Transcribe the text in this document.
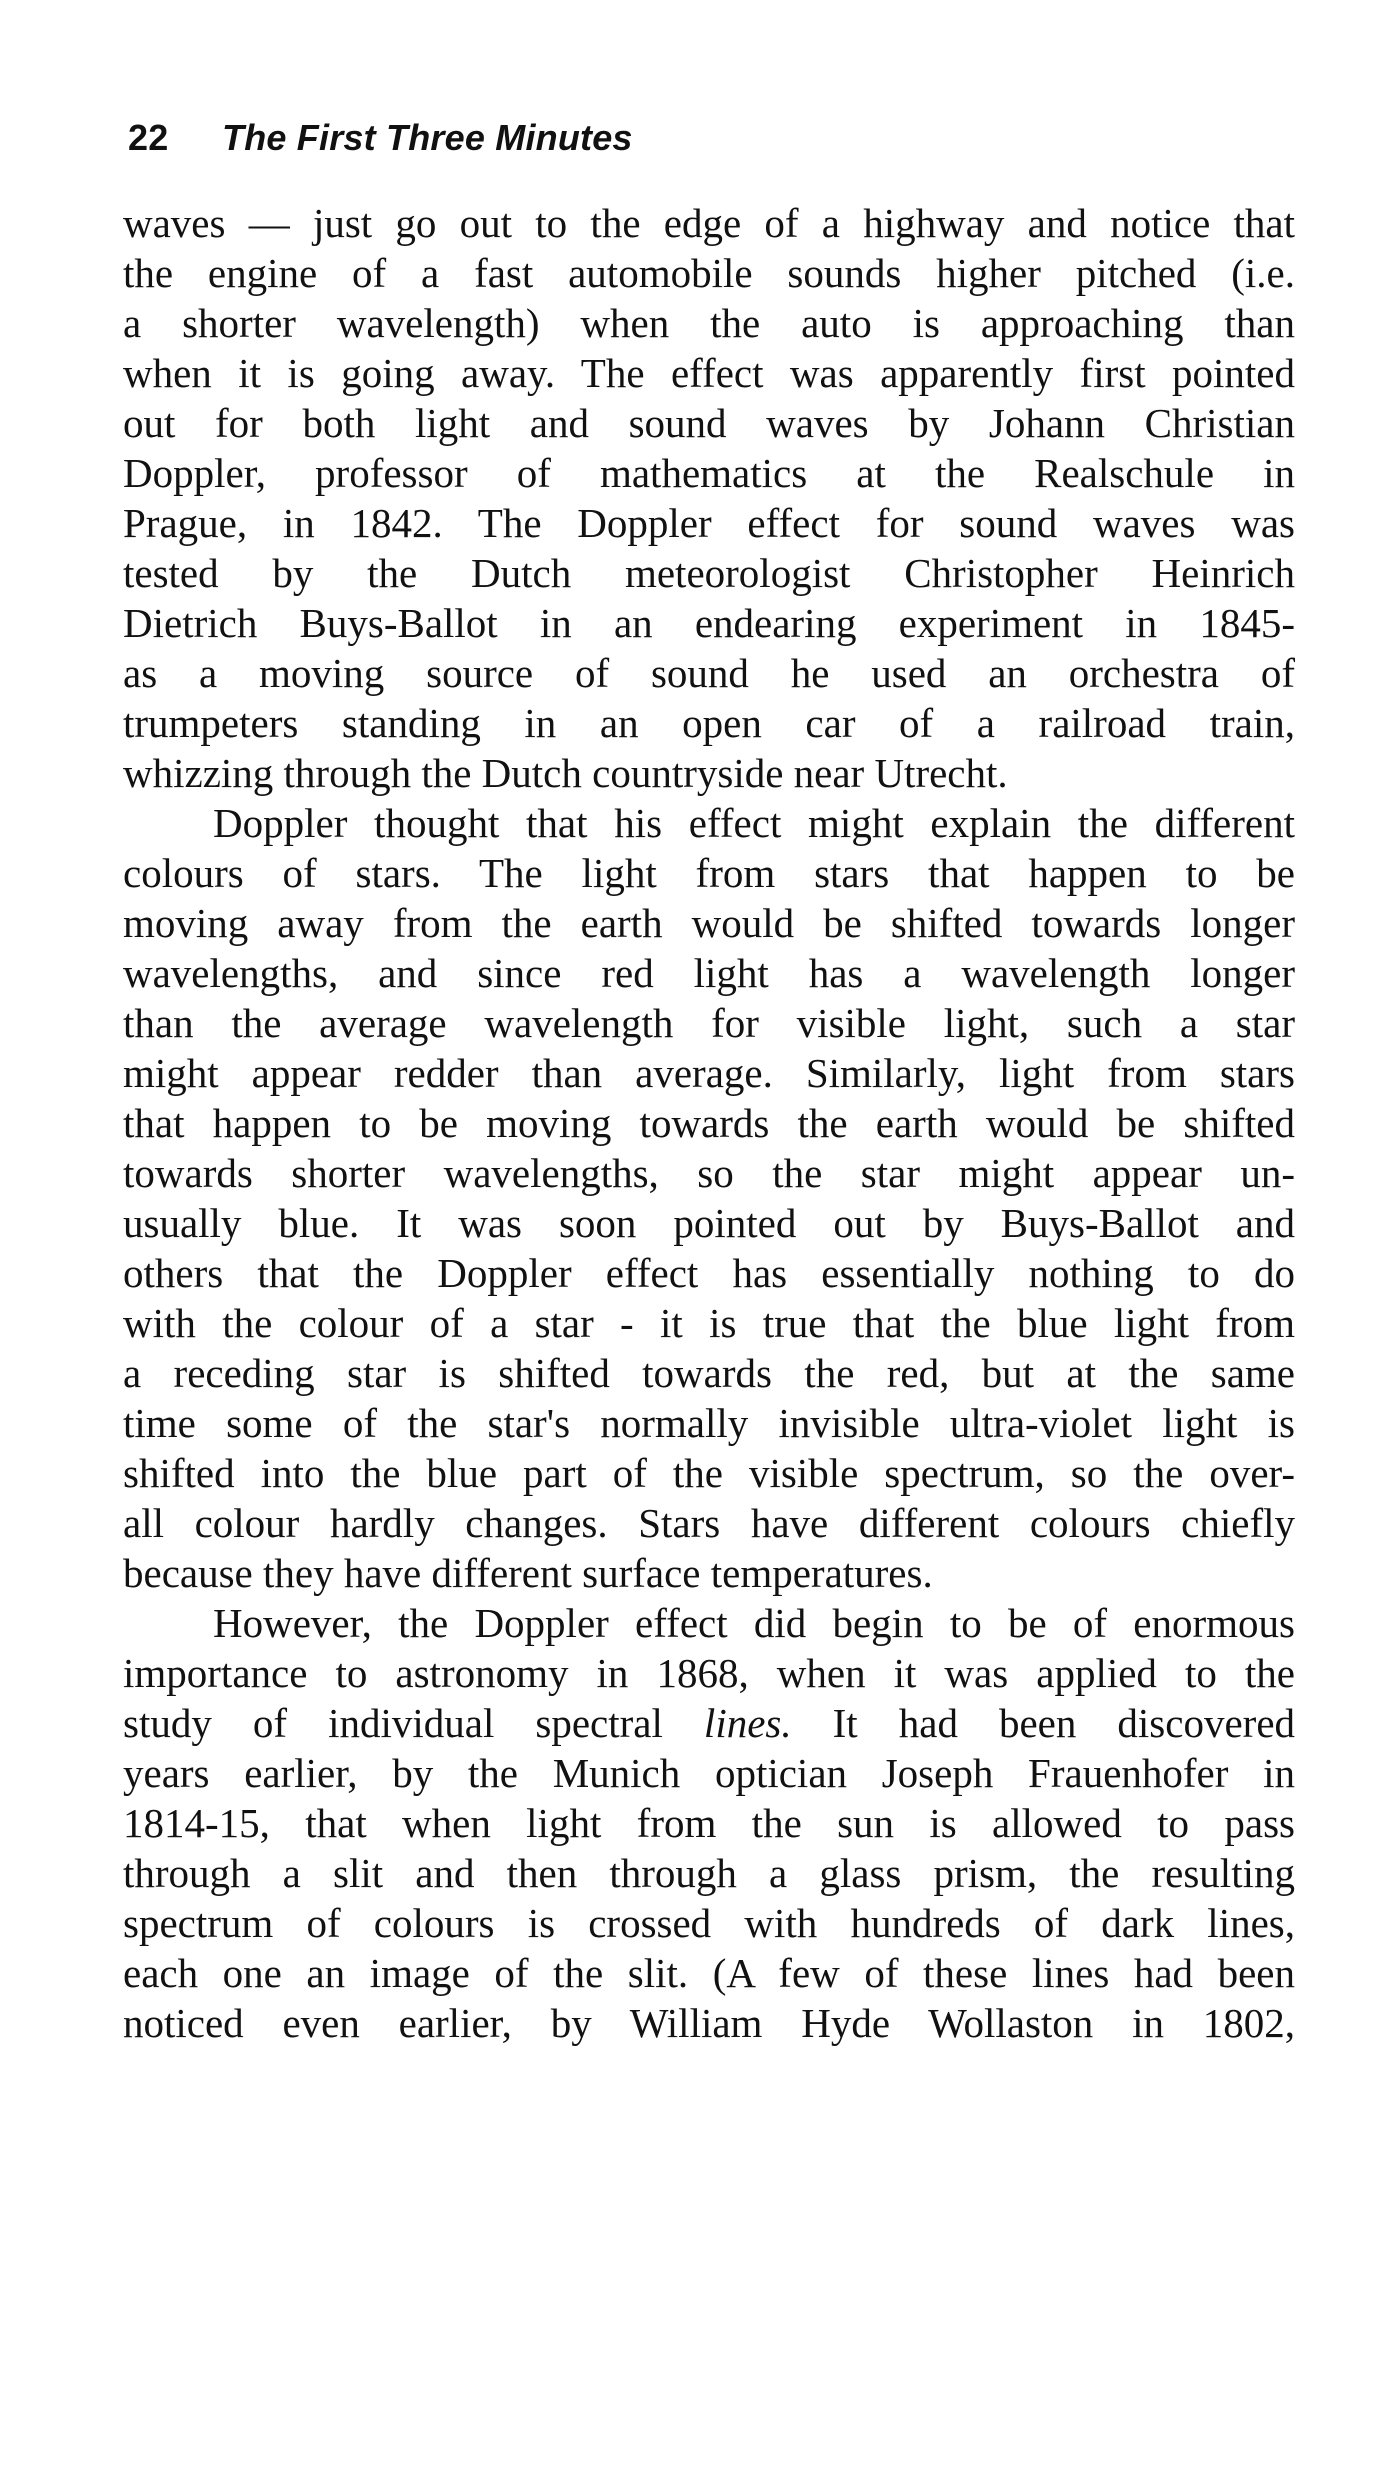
22 The First Three Minutes
waves — just go out to the edge of a highway and notice that
the engine of a fast automobile sounds higher pitched (i.e.
a shorter wavelength) when the auto is approaching than
when it is going away. The effect was apparently first pointed
out for both light and sound waves by Johann Christian
Doppler, professor of mathematics at the Realschule in
Prague, in 1842. The Doppler effect for sound waves was
tested by the Dutch meteorologist Christopher Heinrich
Dietrich Buys-Ballot in an endearing experiment in 1845-
as a moving source of sound he used an orchestra of
trumpeters standing in an open car of a railroad train,
whizzing through the Dutch countryside near Utrecht.
Doppler thought that his effect might explain the different
colours of stars. The light from stars that happen to be
moving away from the earth would be shifted towards longer
wavelengths, and since red light has a wavelength longer
than the average wavelength for visible light, such a star
might appear redder than average. Similarly, light from stars
that happen to be moving towards the earth would be shifted
towards shorter wavelengths, so the star might appear un-
usually blue. It was soon pointed out by Buys-Ballot and
others that the Doppler effect has essentially nothing to do
with the colour of a star - it is true that the blue light from
a receding star is shifted towards the red, but at the same
time some of the star's normally invisible ultra-violet light is
shifted into the blue part of the visible spectrum, so the over-
all colour hardly changes. Stars have different colours chiefly
because they have different surface temperatures.
However, the Doppler effect did begin to be of enormous
importance to astronomy in 1868, when it was applied to the
study of individual spectral lines. It had been discovered
years earlier, by the Munich optician Joseph Frauenhofer in
1814-15, that when light from the sun is allowed to pass
through a slit and then through a glass prism, the resulting
spectrum of colours is crossed with hundreds of dark lines,
each one an image of the slit. (A few of these lines had been
noticed even earlier, by William Hyde Wollaston in 1802,
